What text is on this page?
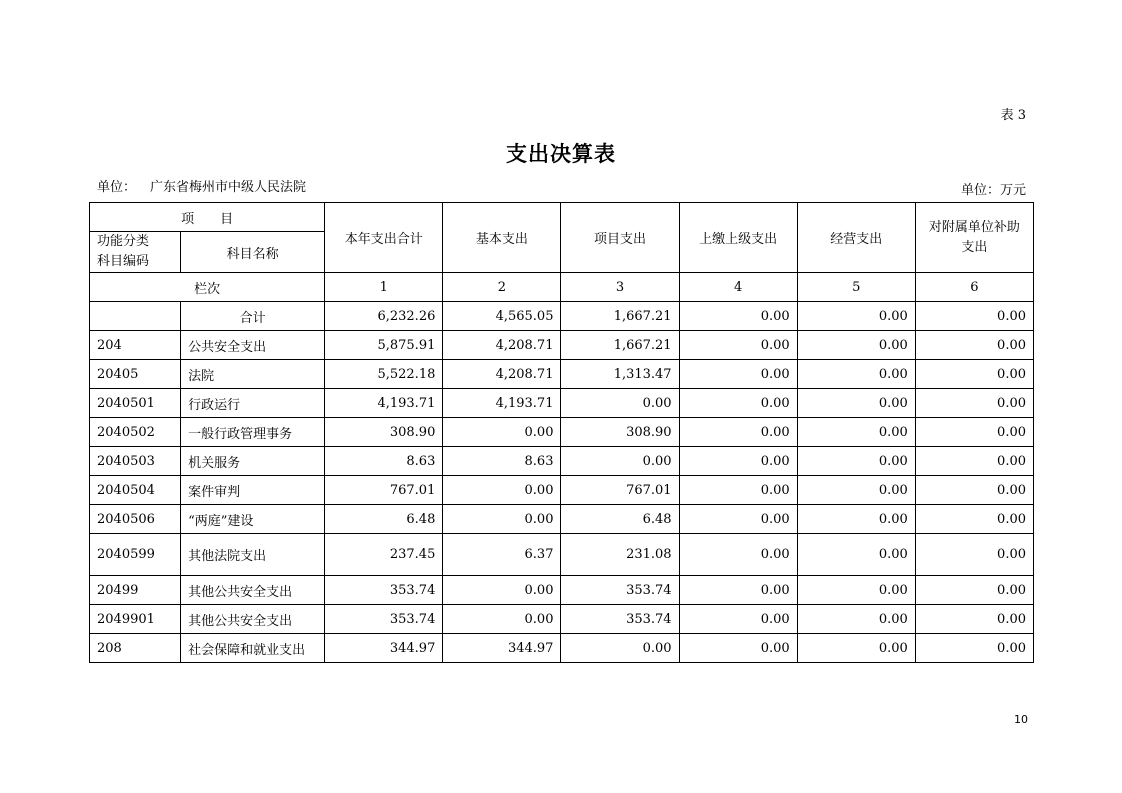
表 3
支出决算表
单位： 广东省梅州市中级人民法院	单位：万元
项　　目		本年支出合计	基本支出	项目支出	上缴上级支出	经营支出	对附属单位补助
支出
功能分类
科目编码	科目名称						
栏次		1	2	3	4	5	6
	合计	6,232.26	4,565.05	1,667.21	0.00	0.00	0.00
204	公共安全支出	5,875.91	4,208.71	1,667.21	0.00	0.00	0.00
20405	法院	5,522.18	4,208.71	1,313.47	0.00	0.00	0.00
2040501	行政运行	4,193.71	4,193.71	0.00	0.00	0.00	0.00
2040502	一般行政管理事务	308.90	0.00	308.90	0.00	0.00	0.00
2040503	机关服务	8.63	8.63	0.00	0.00	0.00	0.00
2040504	案件审判	767.01	0.00	767.01	0.00	0.00	0.00
2040506	“两庭”建设	6.48	0.00	6.48	0.00	0.00	0.00
2040599	其他法院支出	237.45	6.37	231.08	0.00	0.00	0.00
20499	其他公共安全支出	353.74	0.00	353.74	0.00	0.00	0.00
2049901	其他公共安全支出	353.74	0.00	353.74	0.00	0.00	0.00
208	社会保障和就业支出	344.97	344.97	0.00	0.00	0.00	0.00
10
